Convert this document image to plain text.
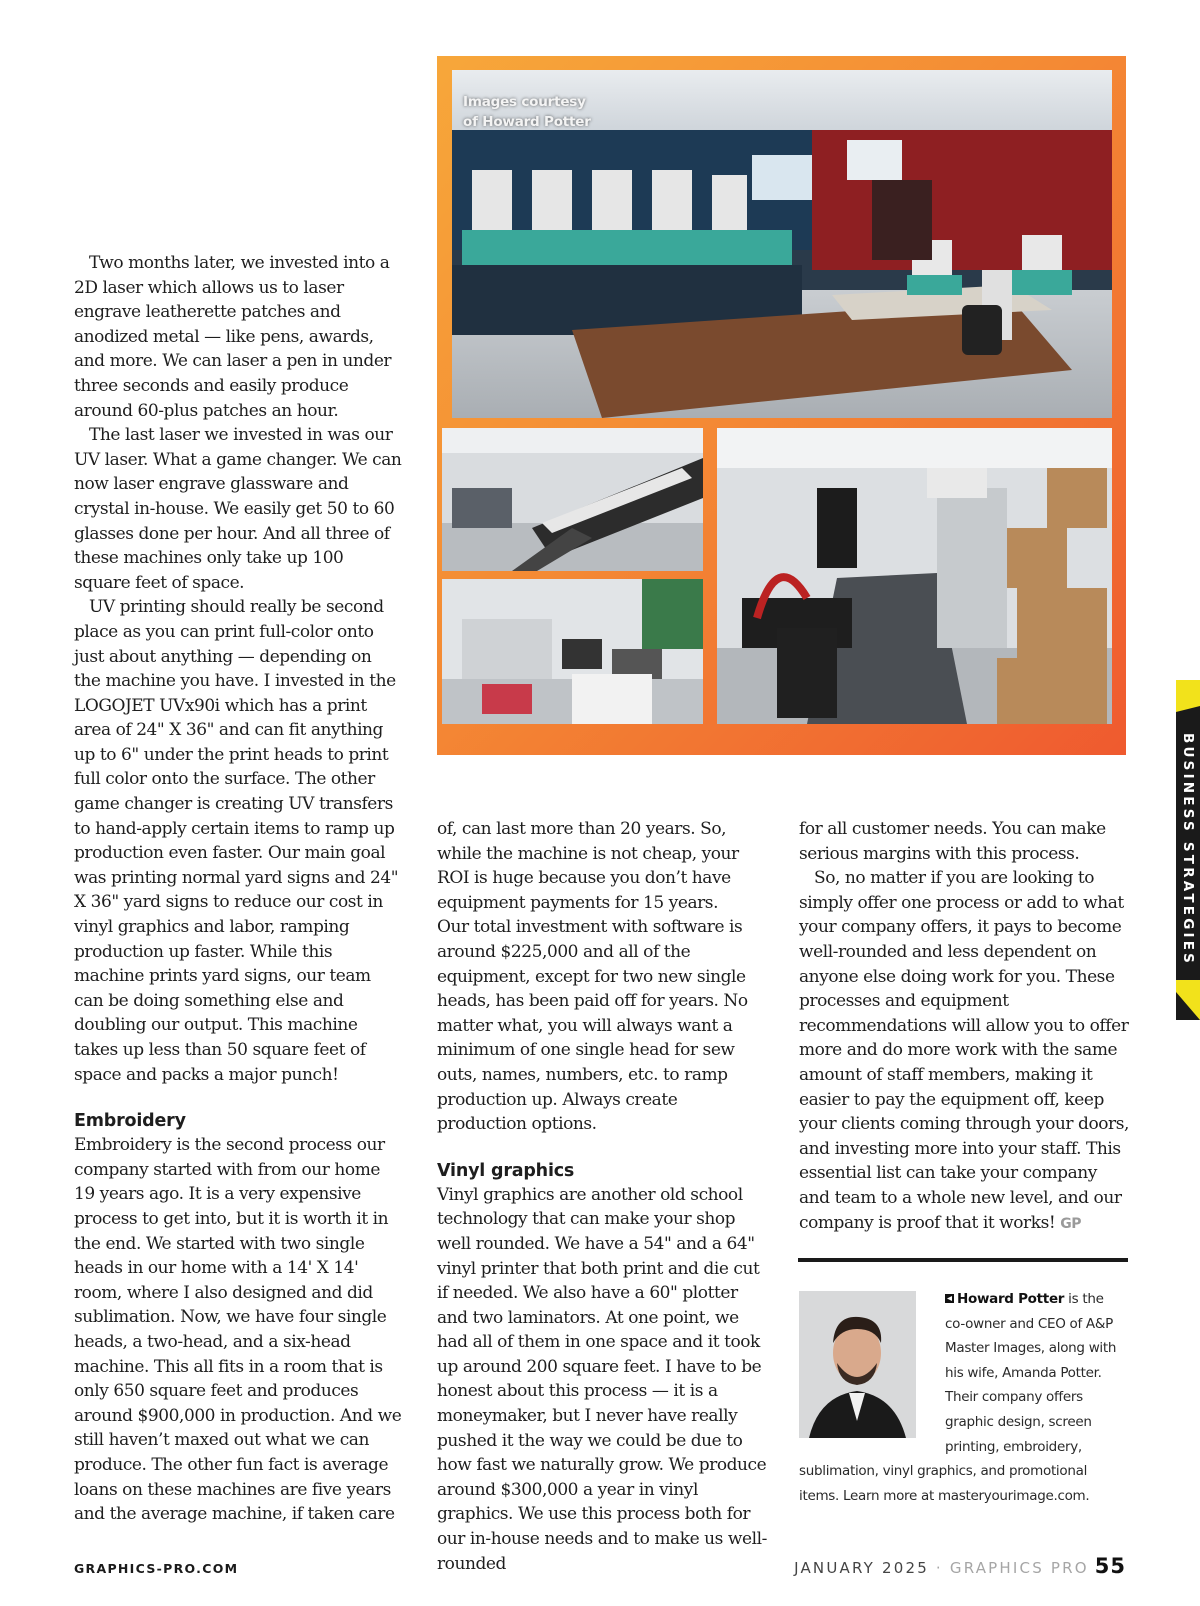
Images courtesy
of Howard Potter

Two months later, we invested into a 2D laser which allows us to laser engrave leatherette patches and anodized metal — like pens, awards, and more. We can laser a pen in under three seconds and easily produce around 60-plus patches an hour.

The last laser we invested in was our UV laser. What a game changer. We can now laser engrave glassware and crystal in-house. We easily get 50 to 60 glasses done per hour. And all three of these machines only take up 100 square feet of space.

UV printing should really be second place as you can print full-color onto just about anything — depending on the machine you have. I invested in the LOGOJET UVx90i which has a print area of 24" X 36" and can fit anything up to 6" under the print heads to print full color onto the surface. The other game changer is creating UV transfers to hand-apply certain items to ramp up production even faster. Our main goal was printing normal yard signs and 24" X 36" yard signs to reduce our cost in vinyl graphics and labor, ramping production up faster. While this machine prints yard signs, our team can be doing something else and doubling our output. This machine takes up less than 50 square feet of space and packs a major punch!

Embroidery

Embroidery is the second process our company started with from our home 19 years ago. It is a very expensive process to get into, but it is worth it in the end. We started with two single heads in our home with a 14' X 14' room, where I also designed and did sublimation. Now, we have four single heads, a two-head, and a six-head machine. This all fits in a room that is only 650 square feet and produces around $900,000 in production. And we still haven’t maxed out what we can produce. The other fun fact is average loans on these machines are five years and the average machine, if taken care

of, can last more than 20 years. So, while the machine is not cheap, your ROI is huge because you don’t have equipment payments for 15 years.

Our total investment with software is around $225,000 and all of the equipment, except for two new single heads, has been paid off for years. No matter what, you will always want a minimum of one single head for sew outs, names, numbers, etc. to ramp production up. Always create production options.

Vinyl graphics

Vinyl graphics are another old school technology that can make your shop well rounded. We have a 54" and a 64" vinyl printer that both print and die cut if needed. We also have a 60" plotter and two laminators. At one point, we had all of them in one space and it took up around 200 square feet. I have to be honest about this process — it is a moneymaker, but I never have really pushed it the way we could be due to how fast we naturally grow. We produce around $300,000 a year in vinyl graphics. We use this process both for our in-house needs and to make us well-rounded

for all customer needs. You can make serious margins with this process.

So, no matter if you are looking to simply offer one process or add to what your company offers, it pays to become well-rounded and less dependent on anyone else doing work for you. These processes and equipment recommendations will allow you to offer more and do more work with the same amount of staff members, making it easier to pay the equipment off, keep your clients coming through your doors, and investing more into your staff. This essential list can take your company and team to a whole new level, and our company is proof that it works! GP

Howard Potter is the co-owner and CEO of A&P Master Images, along with his wife, Amanda Potter. Their company offers graphic design, screen printing, embroidery, sublimation, vinyl graphics, and promotional items. Learn more at masteryourimage.com.
BUSINESS STRATEGIES
GRAPHICS-PRO.COM	JANUARY 2025 · GRAPHICS PRO 55
